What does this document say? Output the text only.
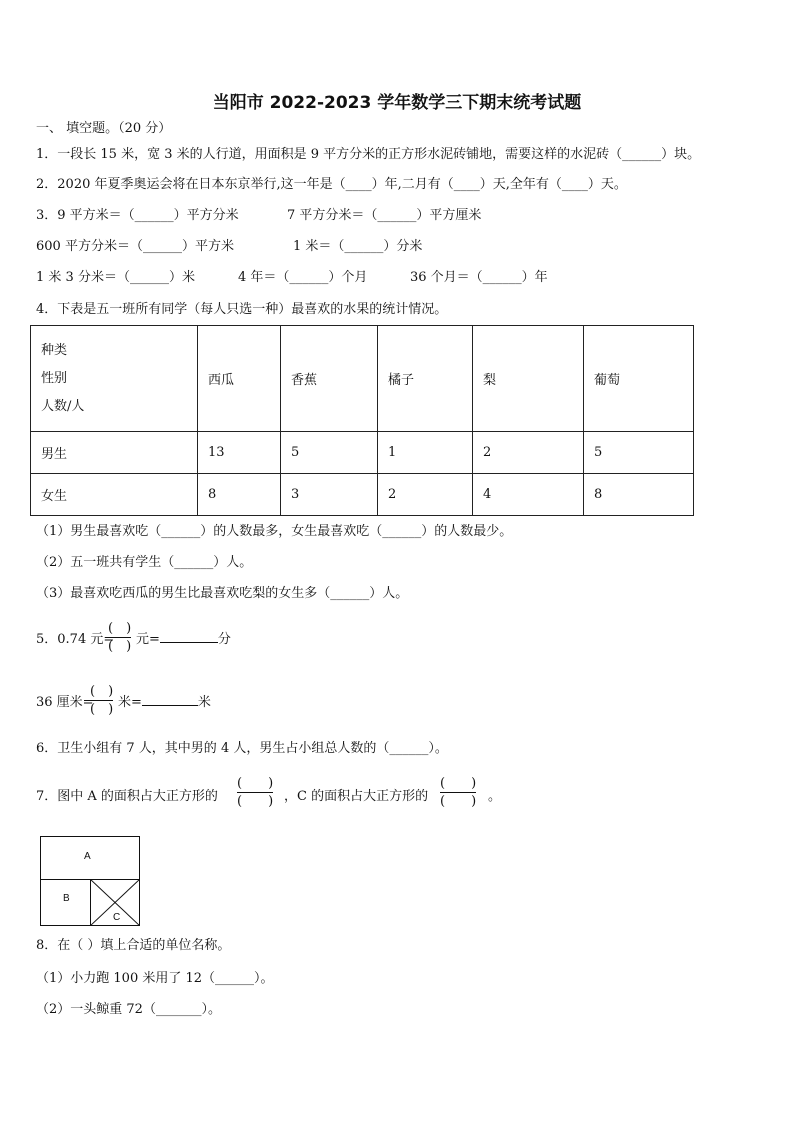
当阳市 2022-2023 学年数学三下期末统考试题
一、 填空题。（20 分）
1．一段长 15 米，宽 3 米的人行道，用面积是 9 平方分米的正方形水泥砖铺地，需要这样的水泥砖（______）块。
2．2020 年夏季奥运会将在日本东京举行,这一年是（____）年,二月有（____）天,全年有（____）天。
3．9 平方米＝（______）平方分米	7 平方分米＝（______）平方厘米
600 平方分米＝（______）平方米	1 米＝（______）分米
1 米 3 分米＝（______）米	4 年＝（______）个月	36 个月＝（______）年
4．下表是五一班所有同学（每人只选一种）最喜欢的水果的统计情况。
种类
性别
人数/人	西瓜	香蕉	橘子	梨	葡萄
男生	13	5	1	2	5
女生	8	3	2	4	8
（1）男生最喜欢吃（______）的人数最多，女生最喜欢吃（______）的人数最少。
（2）五一班共有学生（______）人。
（3）最喜欢吃西瓜的男生比最喜欢吃梨的女生多（______）人。
5．0.74 元=
(　)
(　) 元=	分
36 厘米=
(　)
(　) 米=	米
6．卫生小组有 7 人，其中男的 4 人，男生占小组总人数的（______）。
7．图中 A 的面积占大正方形的
(　　)
(　　) ，C 的面积占大正方形的
(　　)
(　　) 。
A
B
C
8．在（ ）填上合适的单位名称。
（1）小力跑 100 米用了 12（______）。
（2）一头鲸重 72（_______）。
